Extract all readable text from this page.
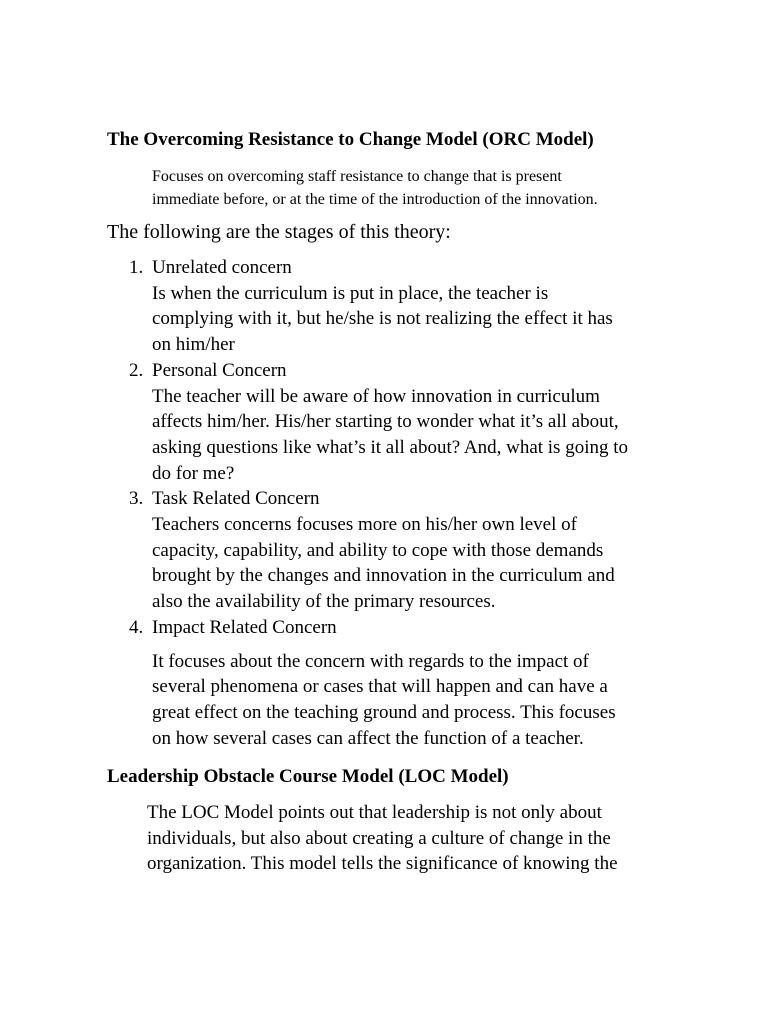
The Overcoming Resistance to Change Model (ORC Model)
Focuses on overcoming staff resistance to change that is present
immediate before, or at the time of the introduction of the innovation.
The following are the stages of this theory:
1. Unrelated concern
Is when the curriculum is put in place, the teacher is
complying with it, but he/she is not realizing the effect it has
on him/her
2. Personal Concern
The teacher will be aware of how innovation in curriculum
affects him/her. His/her starting to wonder what it’s all about,
asking questions like what’s it all about? And, what is going to
do for me?
3. Task Related Concern
Teachers concerns focuses more on his/her own level of
capacity, capability, and ability to cope with those demands
brought by the changes and innovation in the curriculum and
also the availability of the primary resources.
4. Impact Related Concern
It focuses about the concern with regards to the impact of
several phenomena or cases that will happen and can have a
great effect on the teaching ground and process. This focuses
on how several cases can affect the function of a teacher.
Leadership Obstacle Course Model (LOC Model)
The LOC Model points out that leadership is not only about
individuals, but also about creating a culture of change in the
organization. This model tells the significance of knowing the
